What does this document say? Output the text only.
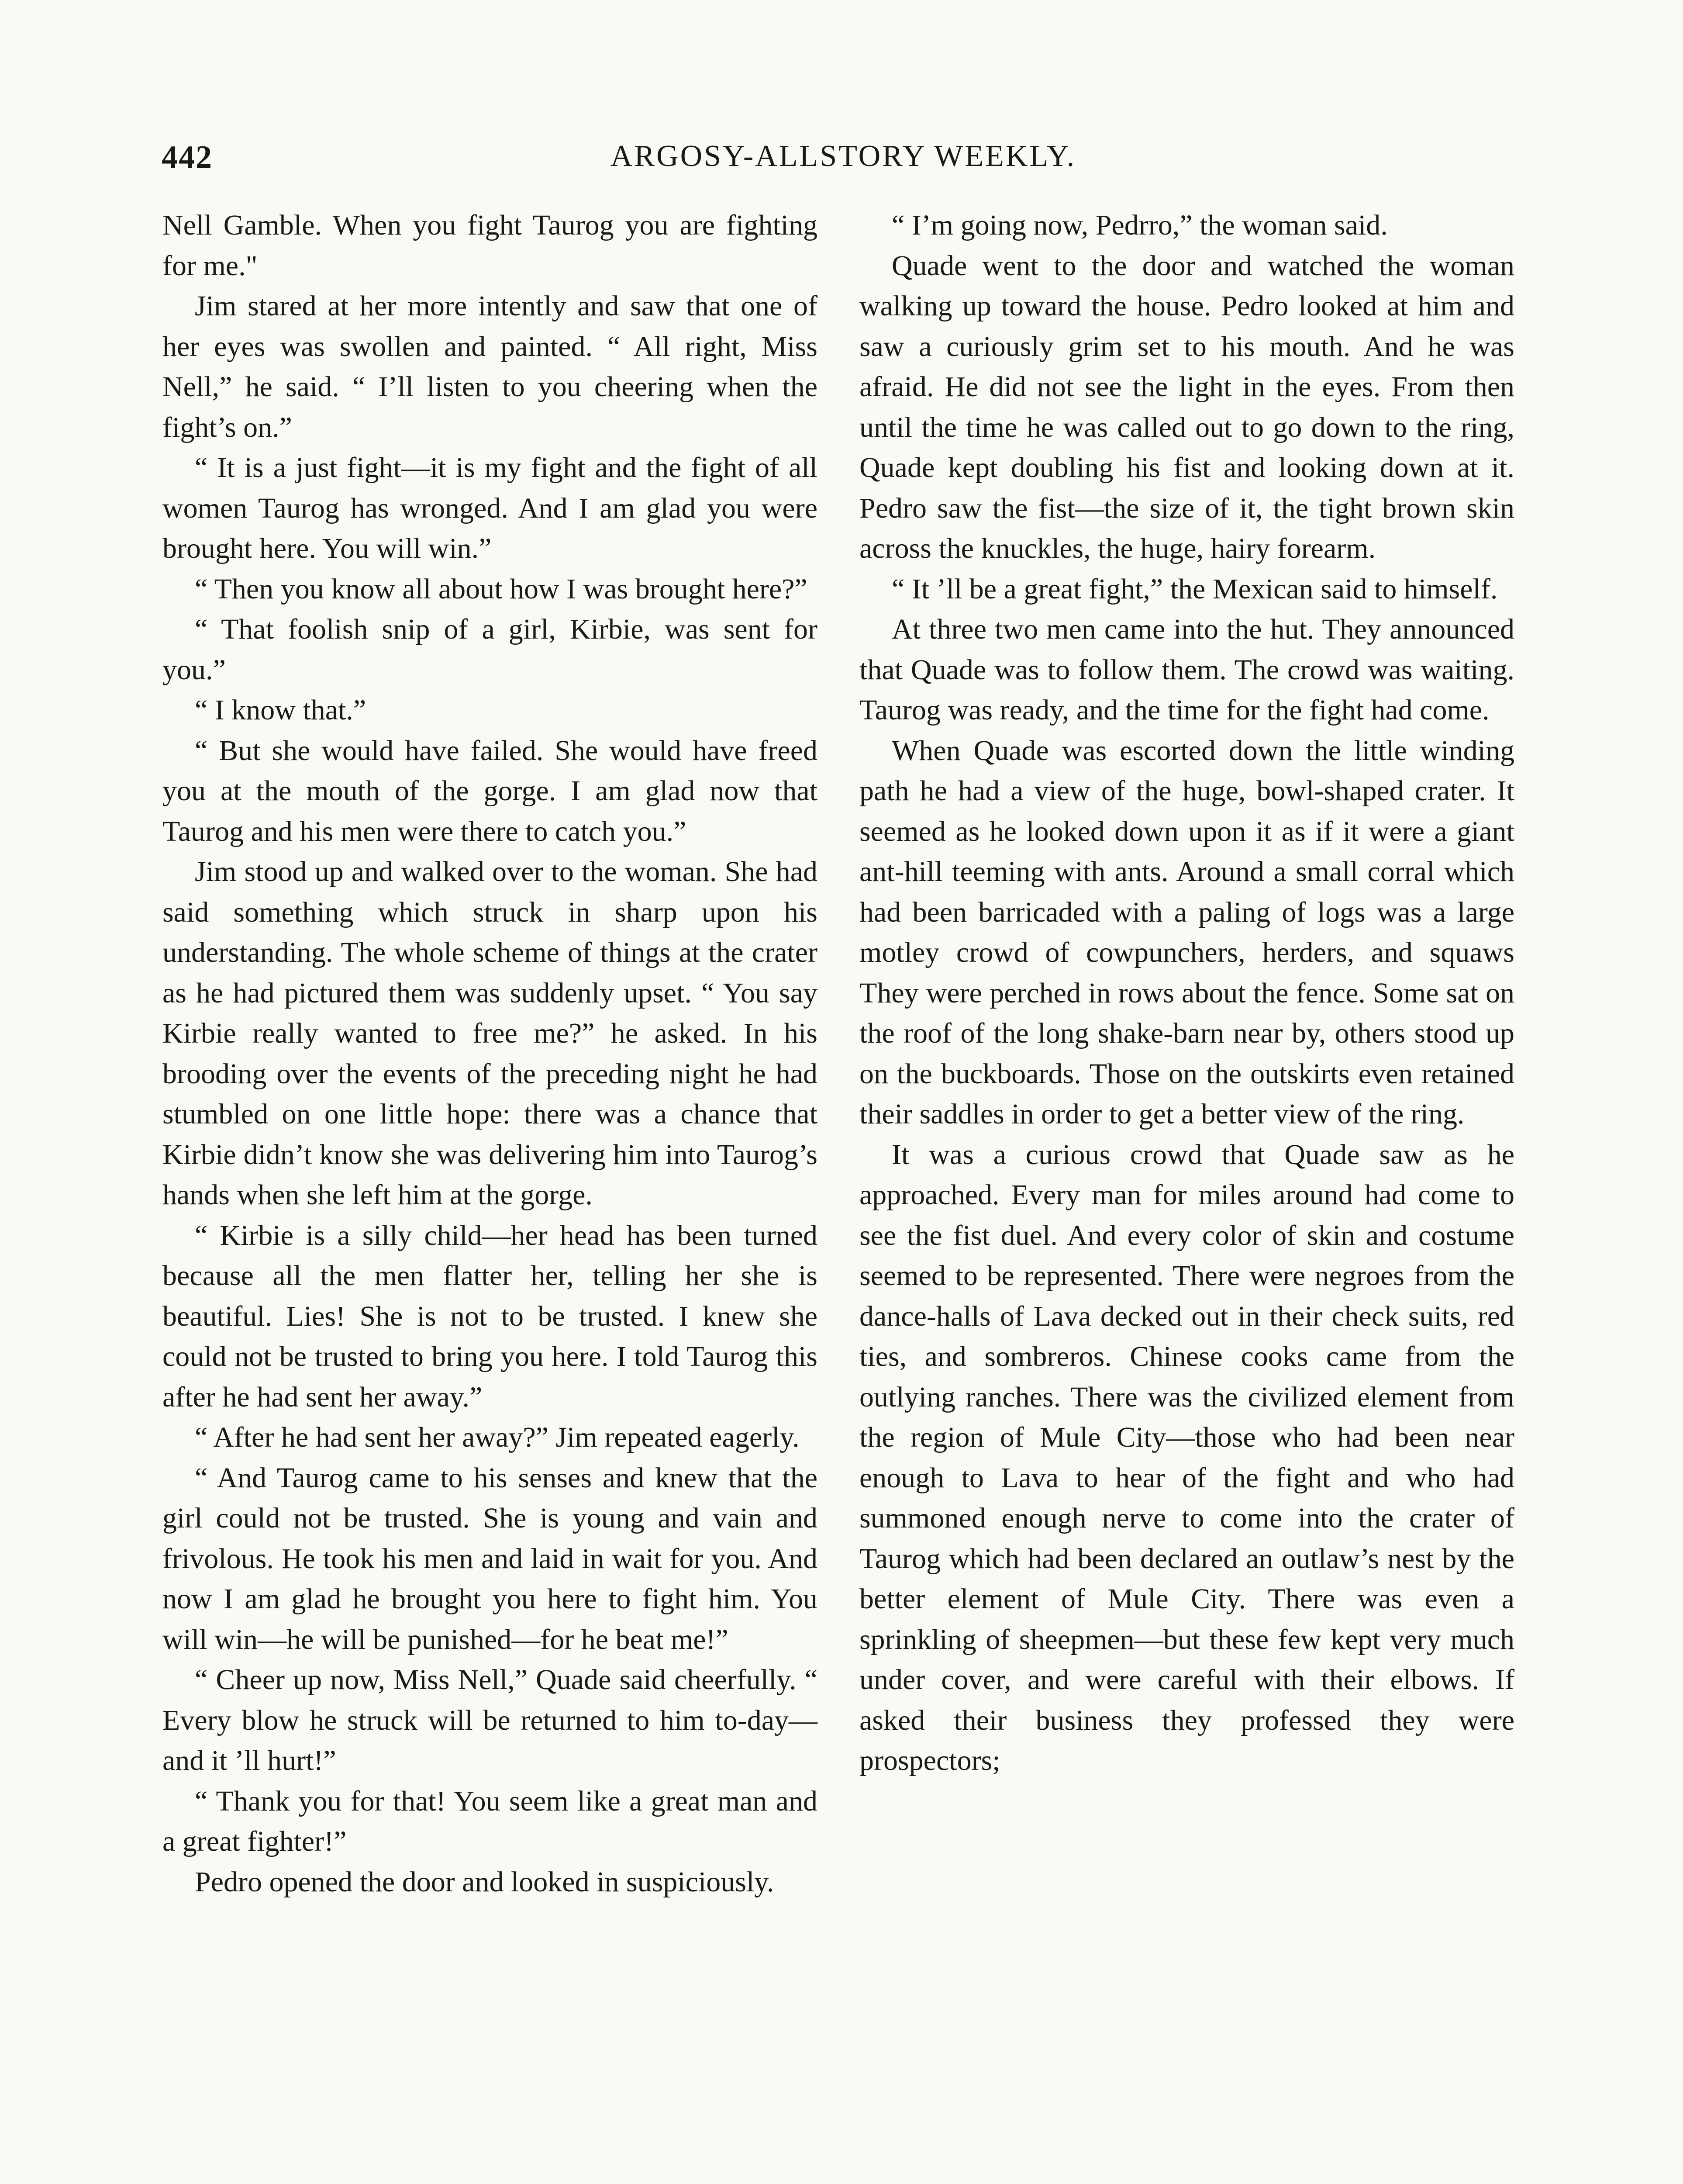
442	ARGOSY-ALLSTORY WEEKLY.

Nell Gamble. When you fight Taurog you are fighting for me."

Jim stared at her more intently and saw that one of her eyes was swollen and painted. “ All right, Miss Nell,” he said. “ I’ll listen to you cheering when the fight’s on.”

“ It is a just fight—it is my fight and the fight of all women Taurog has wronged. And I am glad you were brought here. You will win.”

“ Then you know all about how I was brought here?”

“ That foolish snip of a girl, Kirbie, was sent for you.”

“ I know that.”

“ But she would have failed. She would have freed you at the mouth of the gorge. I am glad now that Taurog and his men were there to catch you.”

Jim stood up and walked over to the woman. She had said something which struck in sharp upon his understanding. The whole scheme of things at the crater as he had pictured them was suddenly upset. “ You say Kirbie really wanted to free me?” he asked. In his brooding over the events of the preceding night he had stumbled on one little hope: there was a chance that Kirbie didn’t know she was delivering him into Taurog’s hands when she left him at the gorge.

“ Kirbie is a silly child—her head has been turned because all the men flatter her, telling her she is beautiful. Lies! She is not to be trusted. I knew she could not be trusted to bring you here. I told Taurog this after he had sent her away.”

“ After he had sent her away?” Jim repeated eagerly.

“ And Taurog came to his senses and knew that the girl could not be trusted. She is young and vain and frivolous. He took his men and laid in wait for you. And now I am glad he brought you here to fight him. You will win—he will be punished—for he beat me!”

“ Cheer up now, Miss Nell,” Quade said cheerfully. “ Every blow he struck will be returned to him to-day—and it ’ll hurt!”

“ Thank you for that! You seem like a great man and a great fighter!”

Pedro opened the door and looked in suspiciously.

“ I’m going now, Pedrro,” the woman said.

Quade went to the door and watched the woman walking up toward the house. Pedro looked at him and saw a curiously grim set to his mouth. And he was afraid. He did not see the light in the eyes. From then until the time he was called out to go down to the ring, Quade kept doubling his fist and looking down at it. Pedro saw the fist—the size of it, the tight brown skin across the knuckles, the huge, hairy forearm.

“ It ’ll be a great fight,” the Mexican said to himself.

At three two men came into the hut. They announced that Quade was to follow them. The crowd was waiting. Taurog was ready, and the time for the fight had come.

When Quade was escorted down the little winding path he had a view of the huge, bowl-shaped crater. It seemed as he looked down upon it as if it were a giant ant-hill teeming with ants. Around a small corral which had been barricaded with a paling of logs was a large motley crowd of cowpunchers, herders, and squaws They were perched in rows about the fence. Some sat on the roof of the long shake-barn near by, others stood up on the buckboards. Those on the outskirts even retained their saddles in order to get a better view of the ring.

It was a curious crowd that Quade saw as he approached. Every man for miles around had come to see the fist duel. And every color of skin and costume seemed to be represented. There were negroes from the dance-halls of Lava decked out in their check suits, red ties, and sombreros. Chinese cooks came from the outlying ranches. There was the civilized element from the region of Mule City—those who had been near enough to Lava to hear of the fight and who had summoned enough nerve to come into the crater of Taurog which had been declared an outlaw’s nest by the better element of Mule City. There was even a sprinkling of sheepmen—but these few kept very much under cover, and were careful with their elbows. If asked their business they professed they were prospectors;
